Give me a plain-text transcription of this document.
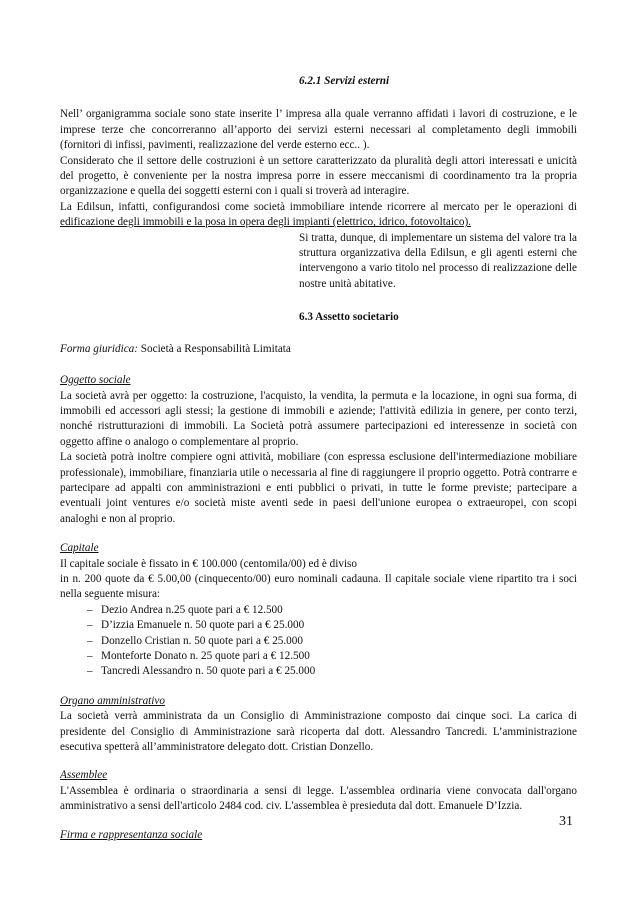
6.2.1 Servizi esterni

Nell’ organigramma sociale sono state inserite l’ impresa alla quale verranno affidati i lavori di costruzione, e le imprese terze che concorreranno all’apporto dei servizi esterni necessari al completamento degli immobili (fornitori di infissi, pavimenti, realizzazione del verde esterno ecc.. ).

Considerato che il settore delle costruzioni è un settore caratterizzato da pluralità degli attori interessati e unicità del progetto, è conveniente per la nostra impresa porre in essere meccanismi di coordinamento tra la propria organizzazione e quella dei soggetti esterni con i quali si troverà ad interagire.

La Edilsun, infatti, configurandosi come società immobiliare intende ricorrere al mercato per le operazioni di edificazione degli immobili e la posa in opera degli impianti (elettrico, idrico, fotovoltaico).

Si tratta, dunque, di implementare un sistema del valore tra la struttura organizzativa della Edilsun, e gli agenti esterni che intervengono a vario titolo nel processo di realizzazione delle nostre unità abitative.

6.3 Assetto societario

Forma giuridica: Società a Responsabilità Limitata

Oggetto sociale

La società avrà per oggetto: la costruzione, l'acquisto, la vendita, la permuta e la locazione, in ogni sua forma, di immobili ed accessori agli stessi; la gestione di immobili e aziende; l'attività edilizia in genere, per conto terzi, nonché ristrutturazioni di immobili. La Società potrà assumere partecipazioni ed interessenze in società con oggetto affine o analogo o complementare al proprio.

La società potrà inoltre compiere ogni attività, mobiliare (con espressa esclusione dell'intermediazione mobiliare professionale), immobiliare, finanziaria utile o necessaria al fine di raggiungere il proprio oggetto. Potrà contrarre e partecipare ad appalti con amministrazioni e enti pubblici o privati, in tutte le forme previste; partecipare a eventuali joint ventures e/o società miste aventi sede in paesi dell'unione europea o extraeuropei, con scopi analoghi e non al proprio.

Capitale

Il capitale sociale è fissato in € 100.000 (centomila/00) ed è diviso

in n. 200 quote da € 5.00,00 (cinquecento/00) euro nominali cadauna. Il capitale sociale viene ripartito tra i soci nella seguente misura:

– Dezio Andrea n.25 quote pari a € 12.500
– D’izzia Emanuele n. 50 quote pari a € 25.000
– Donzello Cristian n. 50 quote pari a € 25.000
– Monteforte Donato n. 25 quote pari a € 12.500
– Tancredi Alessandro n. 50 quote pari a € 25.000

Organo amministrativo

La società verrà amministrata da un Consiglio di Amministrazione composto dai cinque soci. La carica di presidente del Consiglio di Amministrazione sarà ricoperta dal dott. Alessandro Tancredi. L’amministrazione esecutiva spetterà all’amministratore delegato dott. Cristian Donzello.

Assemblee

L'Assemblea è ordinaria o straordinaria a sensi di legge. L'assemblea ordinaria viene convocata dall'organo amministrativo a sensi dell'articolo 2484 cod. civ. L'assemblea è presieduta dal dott. Emanuele D’Izzia.

Firma e rappresentanza sociale

31
